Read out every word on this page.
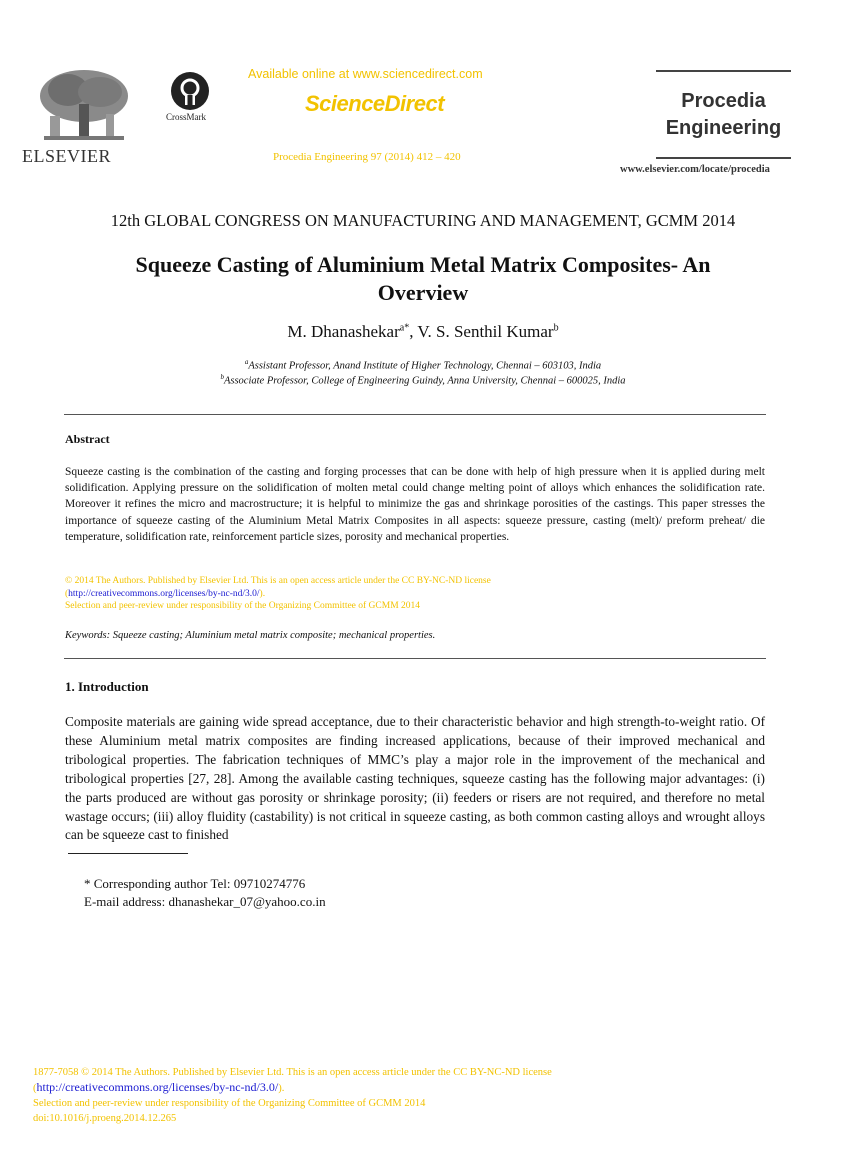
ELSEVIER
CrossMark
Available online at www.sciencedirect.com
ScienceDirect
Procedia Engineering 97 (2014) 412 – 420
Procedia
Engineering
www.elsevier.com/locate/procedia
12th GLOBAL CONGRESS ON MANUFACTURING AND MANAGEMENT, GCMM 2014
Squeeze Casting of Aluminium Metal Matrix Composites- An
Overview
M. Dhanashekar$^{a*}$, V. S. Senthil Kumar$^b$
$^a$Assistant Professor, Anand Institute of Higher Technology, Chennai – 603103, India
$^b$Associate Professor, College of Engineering Guindy, Anna University, Chennai – 600025, India
Abstract
Squeeze casting is the combination of the casting and forging processes that can be done with help of high pressure when it is applied during melt solidification. Applying pressure on the solidification of molten metal could change melting point of alloys which enhances the solidification rate. Moreover it refines the micro and macrostructure; it is helpful to minimize the gas and shrinkage porosities of the castings. This paper stresses the importance of squeeze casting of the Aluminium Metal Matrix Composites in all aspects: squeeze pressure, casting (melt)/ preform preheat/ die temperature, solidification rate, reinforcement particle sizes, porosity and mechanical properties.
© 2014 The Authors. Published by Elsevier Ltd. This is an open access article under the CC BY-NC-ND license
(http://creativecommons.org/licenses/by-nc-nd/3.0/).
Selection and peer-review under responsibility of the Organizing Committee of GCMM 2014
Keywords: Squeeze casting; Aluminium metal matrix composite; mechanical properties.
1. Introduction
Composite materials are gaining wide spread acceptance, due to their characteristic behavior and high strength-to-weight ratio. Of these Aluminium metal matrix composites are finding increased applications, because of their improved mechanical and tribological properties. The fabrication techniques of MMC’s play a major role in the improvement of the mechanical and tribological properties [27, 28]. Among the available casting techniques, squeeze casting has the following major advantages: (i) the parts produced are without gas porosity or shrinkage porosity; (ii) feeders or risers are not required, and therefore no metal wastage occurs; (iii) alloy fluidity (castability) is not critical in squeeze casting, as both common casting alloys and wrought alloys can be squeeze cast to finished
* Corresponding author Tel: 09710274776
E-mail address: dhanashekar_07@yahoo.co.in
1877-7058 © 2014 The Authors. Published by Elsevier Ltd. This is an open access article under the CC BY-NC-ND license
(http://creativecommons.org/licenses/by-nc-nd/3.0/).
Selection and peer-review under responsibility of the Organizing Committee of GCMM 2014
doi:10.1016/j.proeng.2014.12.265
